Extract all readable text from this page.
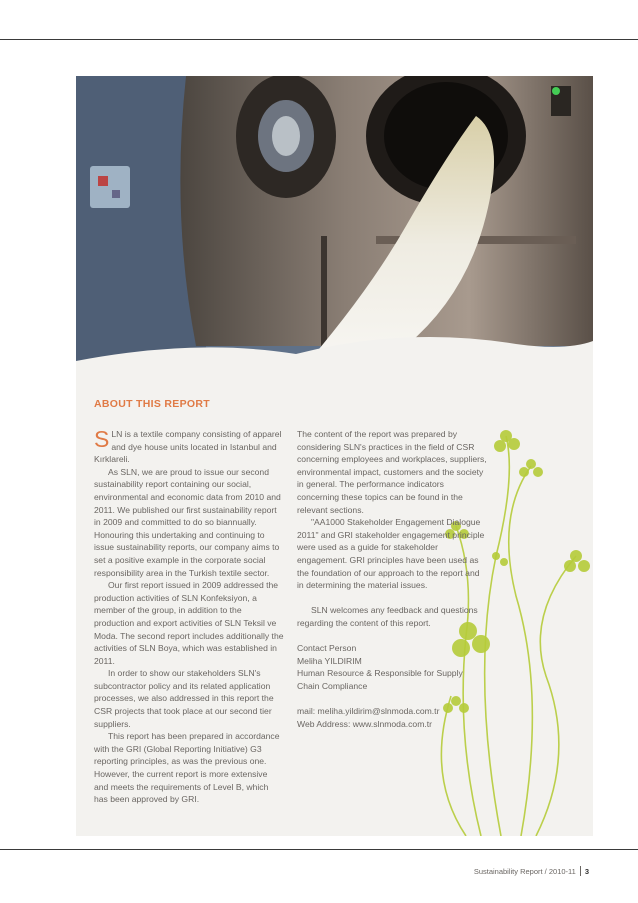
ABOUT THIS REPORT

SLN is a textile company consisting of apparel and dye house units located in Istanbul and Kırklareli.

As SLN, we are proud to issue our second sustainability report containing our social, environmental and economic data from 2010 and 2011. We published our first sustainability report in 2009 and committed to do so biannually. Honouring this undertaking and continuing to issue sustainability reports, our company aims to set a positive example in the corporate social responsibility area in the Turkish textile sector.

Our first report issued in 2009 addressed the production activities of SLN Konfeksiyon, a member of the group, in addition to the production and export activities of SLN Teksil ve Moda. The second report includes additionally the activities of SLN Boya, which was established in 2011.

In order to show our stakeholders SLN's subcontractor policy and its related application processes, we also addressed in this report the CSR projects that took place at our second tier suppliers.

This report has been prepared in accordance with the GRI (Global Reporting Initiative) G3 reporting principles, as was the previous one. However, the current report is more extensive and meets the requirements of Level B, which has been approved by GRI.

The content of the report was prepared by considering SLN's practices in the field of CSR concerning employees and workplaces, suppliers, environmental impact, customers and the society in general. The performance indicators concerning these topics can be found in the relevant sections.

"AA1000 Stakeholder Engagement Dialogue 2011" and GRI stakeholder engagement principle were used as a guide for stakeholder engagement. GRI principles have been used as the foundation of our approach to the report and in determining the material issues.

SLN welcomes any feedback and questions regarding the content of this report.

Contact Person

Meliha YILDIRIM

Human Resource & Responsible for Supply Chain Compliance

mail: meliha.yildirim@slnmoda.com.tr

Web Address: www.slnmoda.com.tr

Sustainability Report / 2010-11 3
